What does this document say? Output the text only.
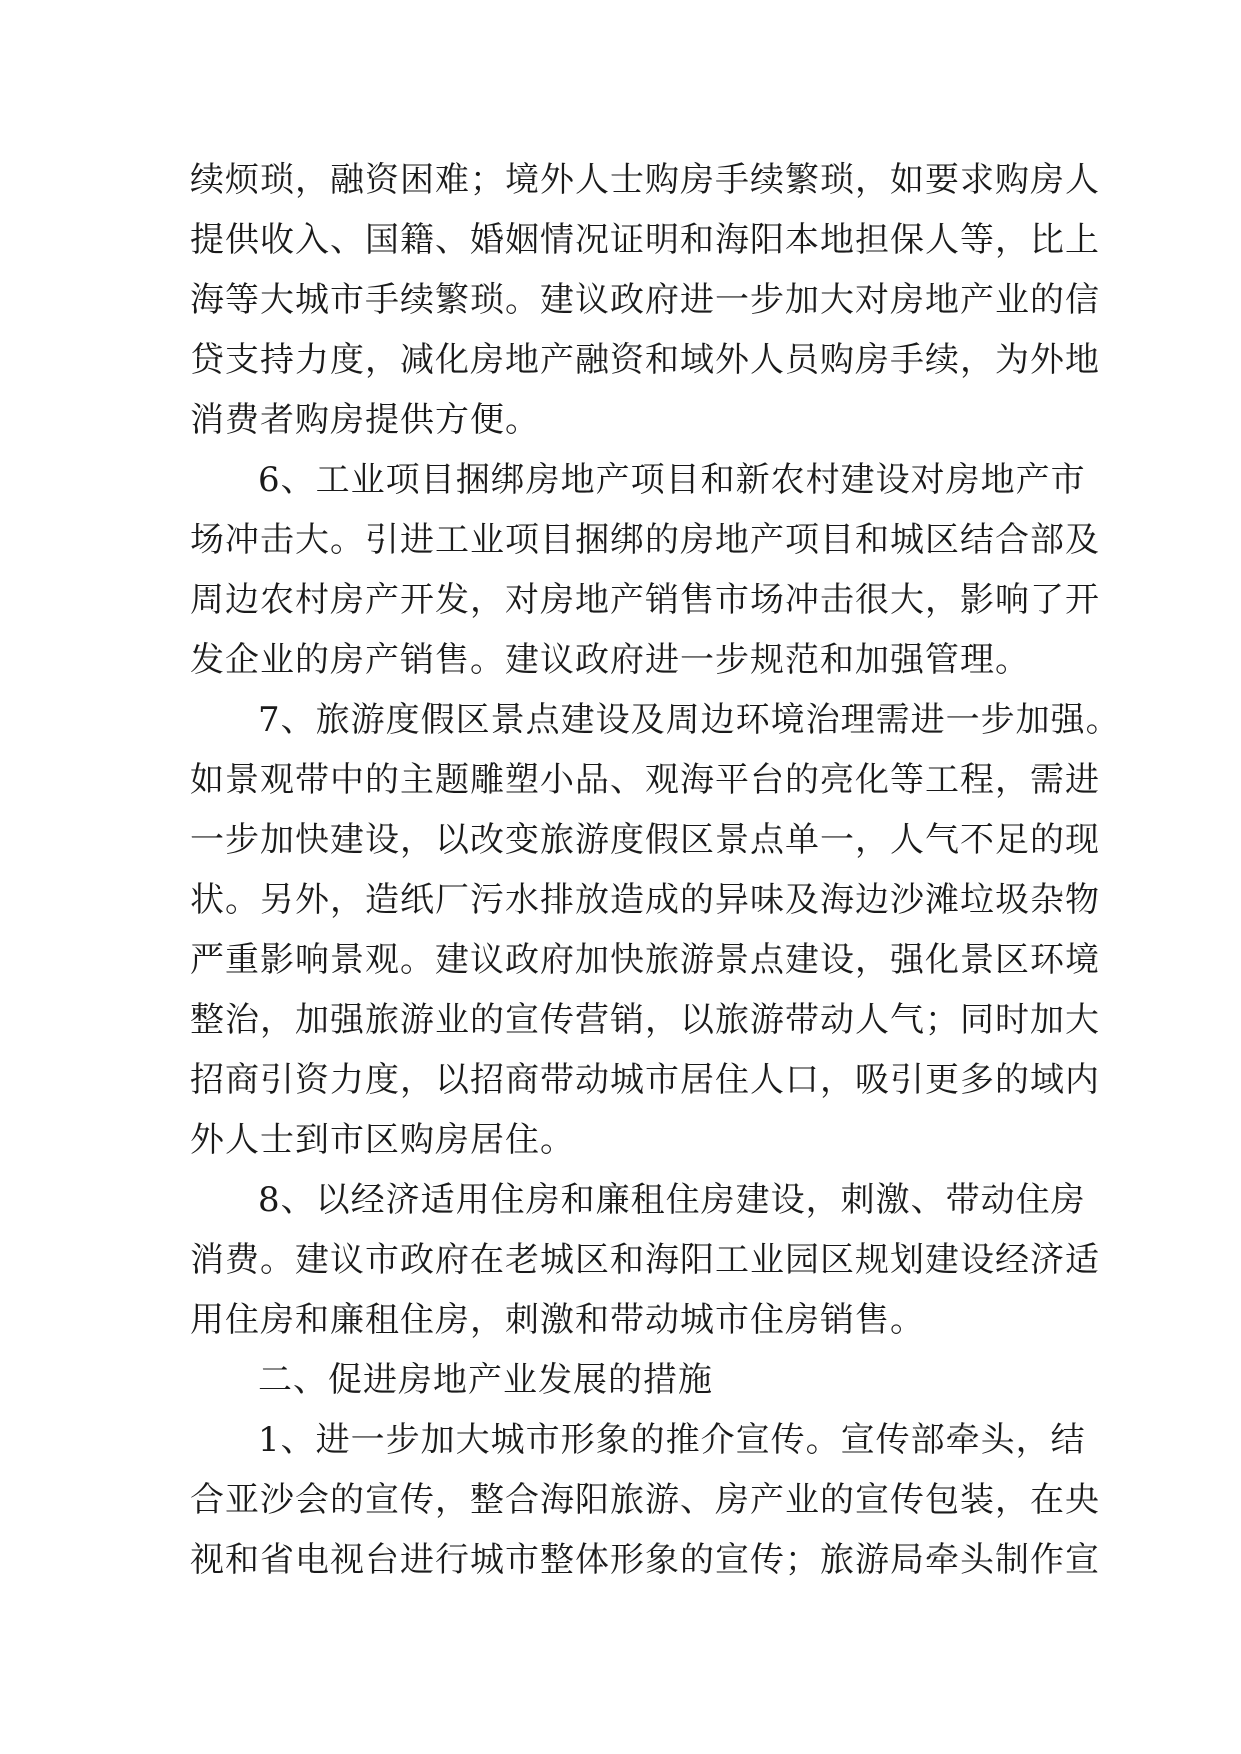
续烦琐，融资困难；境外人士购房手续繁琐，如要求购房人
提供收入、国籍、婚姻情况证明和海阳本地担保人等，比上
海等大城市手续繁琐。建议政府进一步加大对房地产业的信
贷支持力度，减化房地产融资和域外人员购房手续，为外地
消费者购房提供方便。
6、工业项目捆绑房地产项目和新农村建设对房地产市
场冲击大。引进工业项目捆绑的房地产项目和城区结合部及
周边农村房产开发，对房地产销售市场冲击很大，影响了开
发企业的房产销售。建议政府进一步规范和加强管理。
7、旅游度假区景点建设及周边环境治理需进一步加强。
如景观带中的主题雕塑小品、观海平台的亮化等工程，需进
一步加快建设，以改变旅游度假区景点单一，人气不足的现
状。另外，造纸厂污水排放造成的异味及海边沙滩垃圾杂物
严重影响景观。建议政府加快旅游景点建设，强化景区环境
整治，加强旅游业的宣传营销，以旅游带动人气；同时加大
招商引资力度，以招商带动城市居住人口，吸引更多的域内
外人士到市区购房居住。
8、以经济适用住房和廉租住房建设，刺激、带动住房
消费。建议市政府在老城区和海阳工业园区规划建设经济适
用住房和廉租住房，刺激和带动城市住房销售。
二、促进房地产业发展的措施
1、进一步加大城市形象的推介宣传。宣传部牵头，结
合亚沙会的宣传，整合海阳旅游、房产业的宣传包装，在央
视和省电视台进行城市整体形象的宣传；旅游局牵头制作宣
